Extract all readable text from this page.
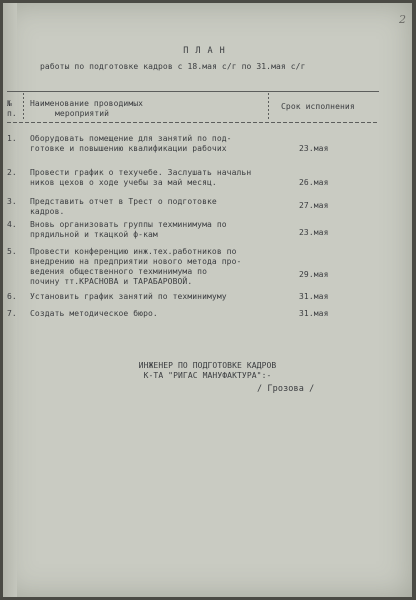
2
ПЛАН
работы по подготовке кадров с 18.мая с/г по 31.мая с/г
№
п.
Наименование проводимых
мероприятий
Срок исполнения
1. Оборудовать помещение для занятий по под-
готовке и повышению квалификации рабочих	23.мая
2. Провести график о техучебе. Заслушать начальн
ников цехов о ходе учебы за май месяц.	26.мая
3. Представить отчет в Трест о подготовке
кадров.
27.мая
4. Вновь организовать группы техминимума по
прядильной и ткацкой ф-кам	23.мая
5. Провести конференцию инж.тех.работников по
внедрению на предприятии нового метода про-
ведения общественного техминимума по
почину тт.КРАСНОВА и ТАРАБАРОВОЙ.
29.мая
6. Установить график занятий по техминимуму	31.мая
7. Создать методическое бюро.	31.мая
ИНЖЕНЕР ПО ПОДГОТОВКЕ КАДРОВ
К-ТА "РИГАС МАНУФАКТУРА":-
/ Грозова /
